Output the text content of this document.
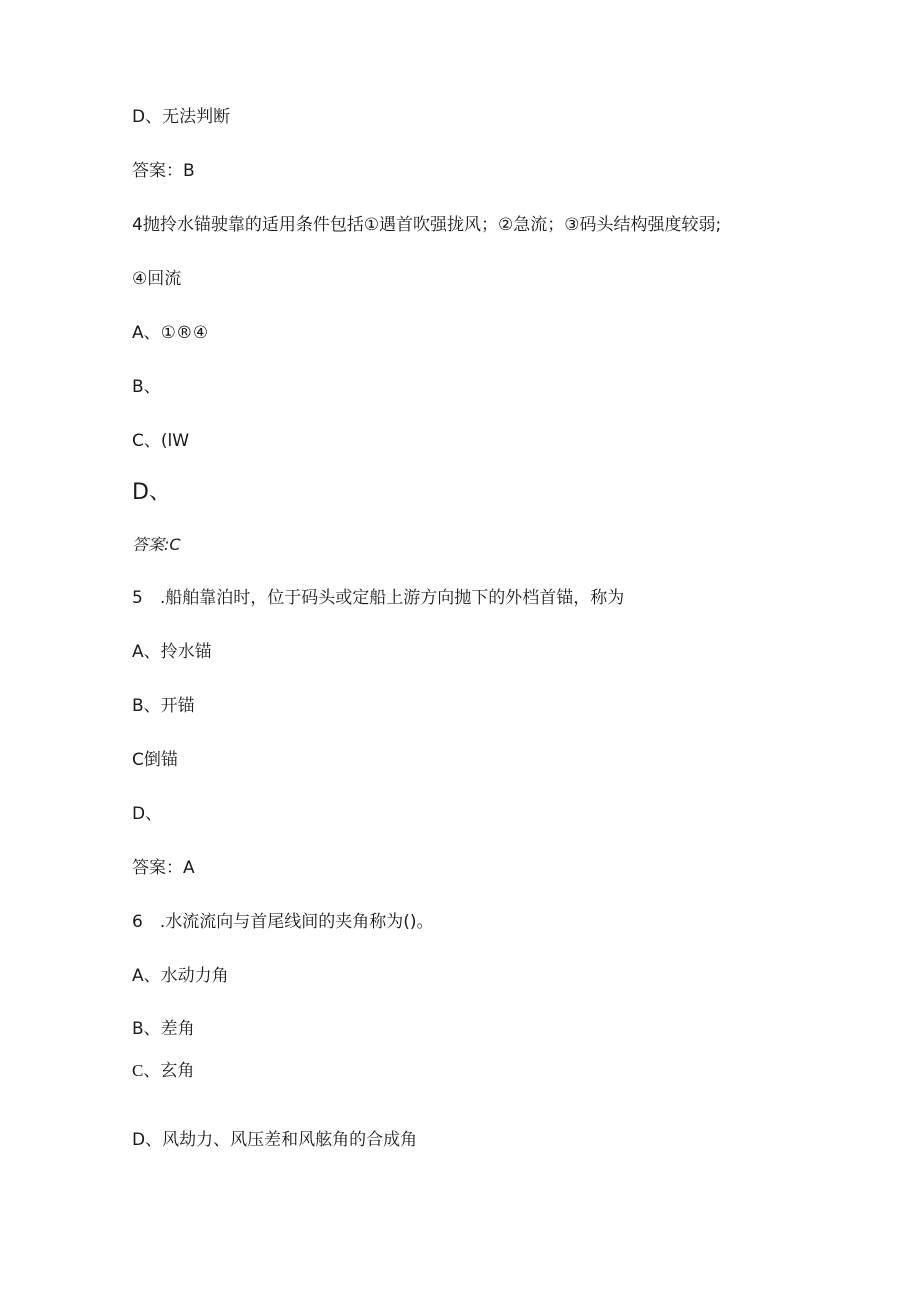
D、无法判断
答案：B
4抛拎水锚驶靠的适用条件包括①遇首吹强拢风；②急流；③码头结构强度较弱;
④回流
A、①®④
B、
C、(lW
D、
答案:C
5　.船舶靠泊时，位于码头或定船上游方向抛下的外档首锚，称为
A、拎水锚
B、开锚
C倒锚
D、
答案：A
6　.水流流向与首尾线间的夹角称为()。
A、水动力角
B、差角
C、玄角
D、风劫力、风压差和风舷角的合成角
